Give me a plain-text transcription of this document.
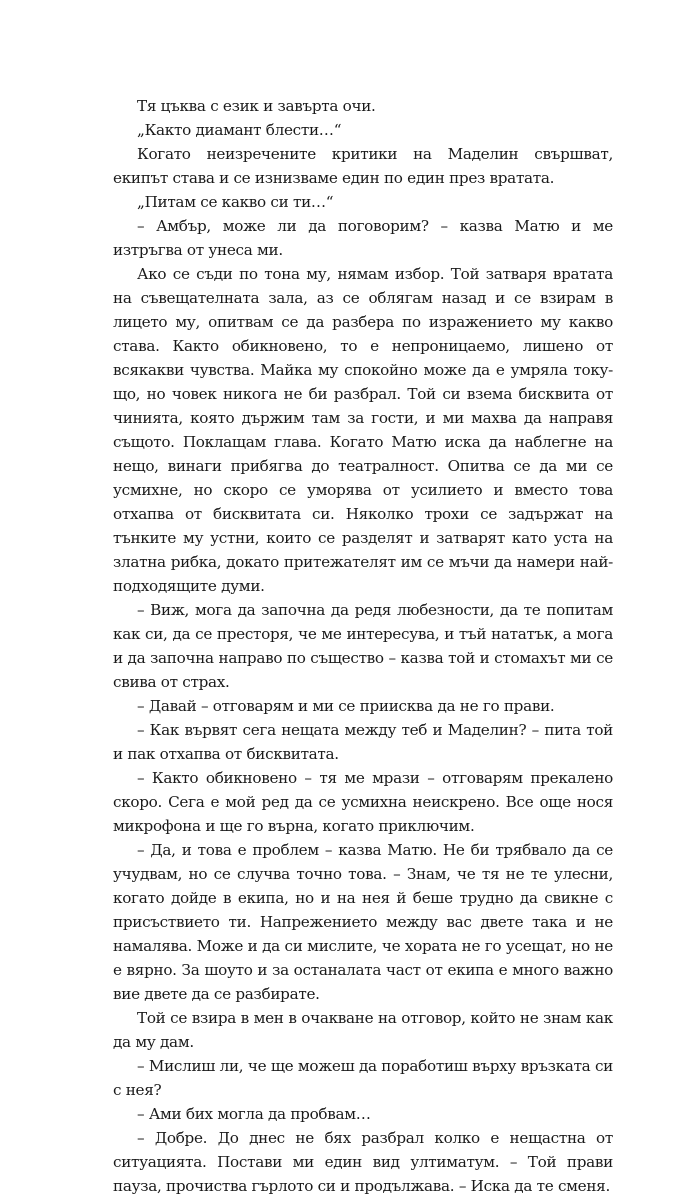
Тя цъква с език и завърта очи.

„Както диамант блести…“

Когато неизречените критики на Маделин свършват, екипът става и се изнизваме един по един през вратата.

„Питам се какво си ти…“

– Амбър, може ли да поговорим? – казва Матю и ме изтръгва от унеса ми.

Ако се съди по тона му, нямам избор. Той затваря вратата на съвещателната зала, аз се облягам назад и се взирам в лицето му, опитвам се да разбера по изражението му какво става. Както обикновено, то е непроницаемо, лишено от всякакви чувства. Майка му спокойно може да е умряла току-що, но човек никога не би разбрал. Той си взема бисквита от чинията, която държим там за гости, и ми махва да направя същото. Поклащам глава. Когато Матю иска да наблегне на нещо, винаги прибягва до театралност. Опитва се да ми се усмихне, но скоро се уморява от усилието и вместо това отхапва от бисквитата си. Няколко трохи се задържат на тънките му устни, които се разделят и затварят като уста на златна рибка, докато притежателят им се мъчи да намери най-подходящите думи.

– Виж, мога да започна да редя любезности, да те попитам как си, да се престоря, че ме интересува, и тъй нататък, а мога и да започна направо по същество – казва той и стомахът ми се свива от страх.

– Давай – отговарям и ми се приисква да не го прави.

– Как вървят сега нещата между теб и Маделин? – пита той и пак отхапва от бисквитата.

– Както обикновено – тя ме мрази – отговарям прекалено скоро. Сега е мой ред да се усмихна неискрено. Все още нося микрофона и ще го върна, когато приключим.

– Да, и това е проблем – казва Матю. Не би трябвало да се учудвам, но се случва точно това. – Знам, че тя не те улесни, когато дойде в екипа, но и на нея й беше трудно да свикне с присъствието ти. Напрежението между вас двете така и не намалява. Може и да си мислите, че хората не го усещат, но не е вярно. За шоуто и за останалата част от екипа е много важно вие двете да се разбирате.

Той се взира в мен в очакване на отговор, който не знам как да му дам.

– Мислиш ли, че ще можеш да поработиш върху връзката си с нея?

– Ами бих могла да пробвам…

– Добре. До днес не бях разбрал колко е нещастна от ситуацията. Постави ми един вид ултиматум. – Той прави пауза, прочиства гърлото си и продължава. – Иска да те сменя.
